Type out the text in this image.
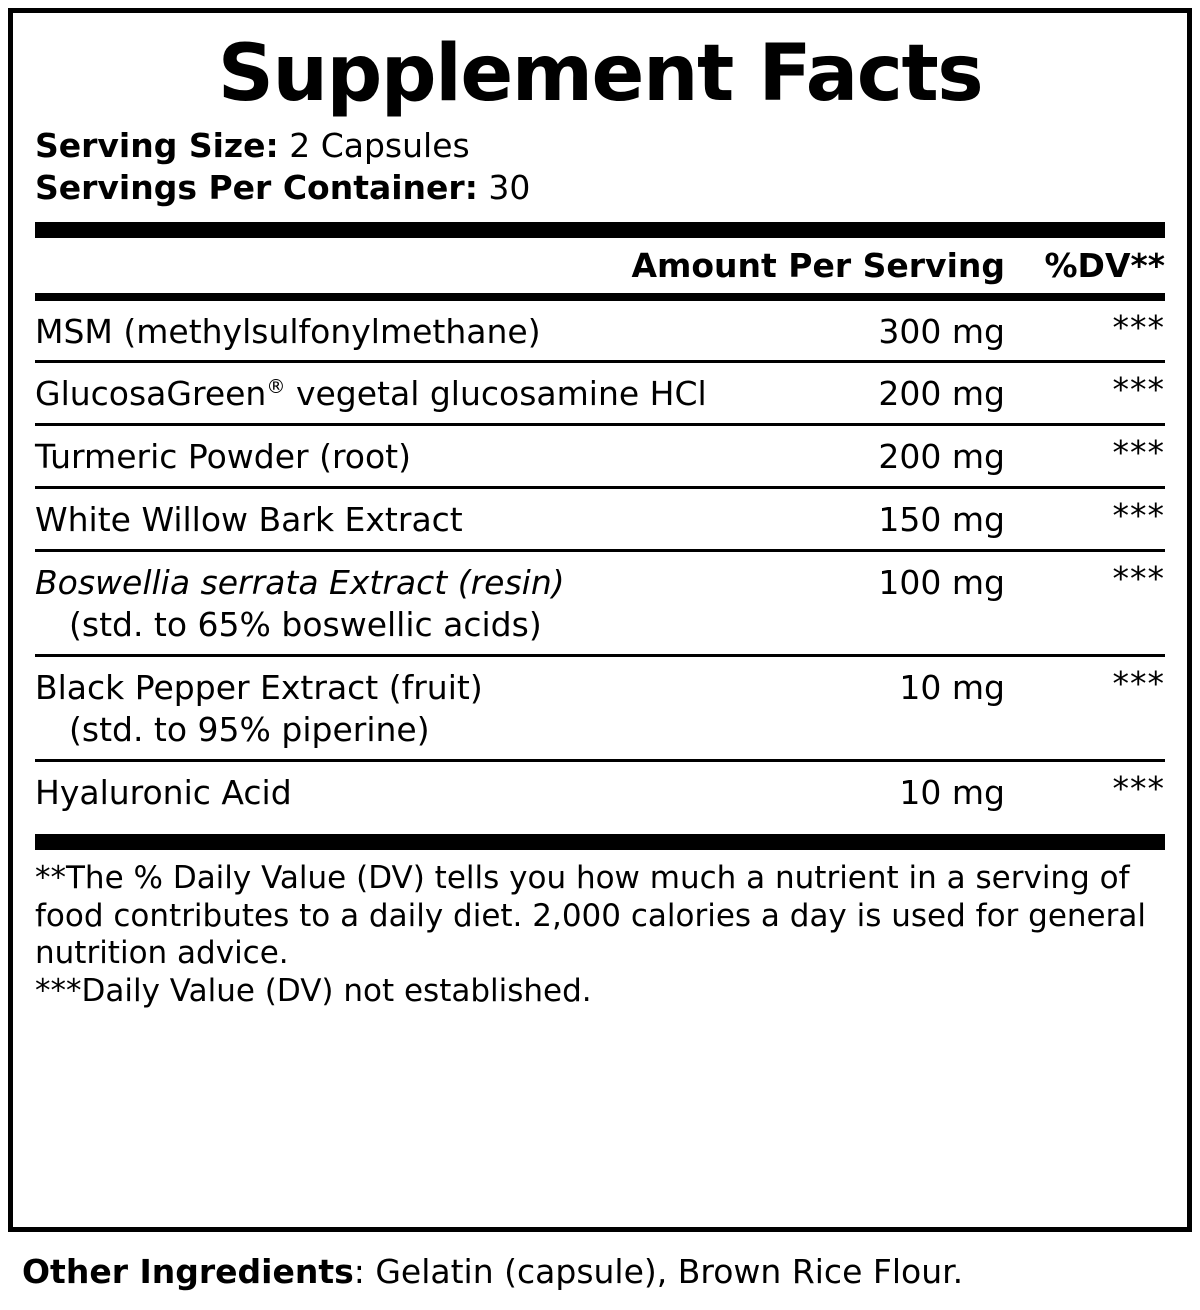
Supplement Facts
Serving Size: 2 Capsules
Servings Per Container: 30
Amount Per Serving	%DV**
MSM (methylsulfonylmethane)	300 mg	***
GlucosaGreen® vegetal glucosamine HCl	200 mg	***
Turmeric Powder (root)	200 mg	***
White Willow Bark Extract	150 mg	***
Boswellia serrata Extract (resin)
(std. to 65% boswellic acids)
100 mg	***
Black Pepper Extract (fruit)
(std. to 95% piperine)
10 mg	***
Hyaluronic Acid	10 mg	***

**The % Daily Value (DV) tells you how much a nutrient in a serving of food contributes to a daily diet. 2,000 calories a day is used for general nutrition advice.

***Daily Value (DV) not established.

Other Ingredients: Gelatin (capsule), Brown Rice Flour.
